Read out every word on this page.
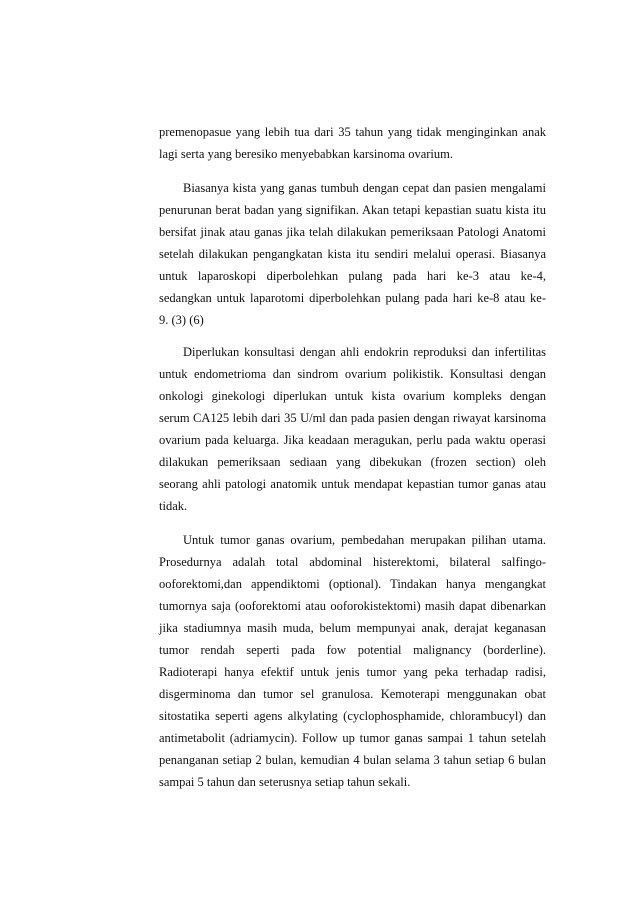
premenopasue yang lebih tua dari 35 tahun yang tidak menginginkan anak
lagi serta yang beresiko menyebabkan karsinoma ovarium.
Biasanya kista yang ganas tumbuh dengan cepat dan pasien mengalami
penurunan berat badan yang signifikan. Akan tetapi kepastian suatu kista itu
bersifat jinak atau ganas jika telah dilakukan pemeriksaan Patologi Anatomi
setelah dilakukan pengangkatan kista itu sendiri melalui operasi. Biasanya
untuk laparoskopi diperbolehkan pulang pada hari ke-3 atau ke-4,
sedangkan untuk laparotomi diperbolehkan pulang pada hari ke-8 atau ke-
9. (3) (6)
Diperlukan konsultasi dengan ahli endokrin reproduksi dan infertilitas
untuk endometrioma dan sindrom ovarium polikistik. Konsultasi dengan
onkologi ginekologi diperlukan untuk kista ovarium kompleks dengan
serum CA125 lebih dari 35 U/ml dan pada pasien dengan riwayat karsinoma
ovarium pada keluarga. Jika keadaan meragukan, perlu pada waktu operasi
dilakukan pemeriksaan sediaan yang dibekukan (frozen section) oleh
seorang ahli patologi anatomik untuk mendapat kepastian tumor ganas atau
tidak.
Untuk tumor ganas ovarium, pembedahan merupakan pilihan utama.
Prosedurnya adalah total abdominal histerektomi, bilateral salfingo-
ooforektomi,dan appendiktomi (optional). Tindakan hanya mengangkat
tumornya saja (ooforektomi atau ooforokistektomi) masih dapat dibenarkan
jika stadiumnya masih muda, belum mempunyai anak, derajat keganasan
tumor rendah seperti pada fow potential malignancy (borderline).
Radioterapi hanya efektif untuk jenis tumor yang peka terhadap radisi,
disgerminoma dan tumor sel granulosa. Kemoterapi menggunakan obat
sitostatika seperti agens alkylating (cyclophosphamide, chlorambucyl) dan
antimetabolit (adriamycin). Follow up tumor ganas sampai 1 tahun setelah
penanganan setiap 2 bulan, kemudian 4 bulan selama 3 tahun setiap 6 bulan
sampai 5 tahun dan seterusnya setiap tahun sekali.
